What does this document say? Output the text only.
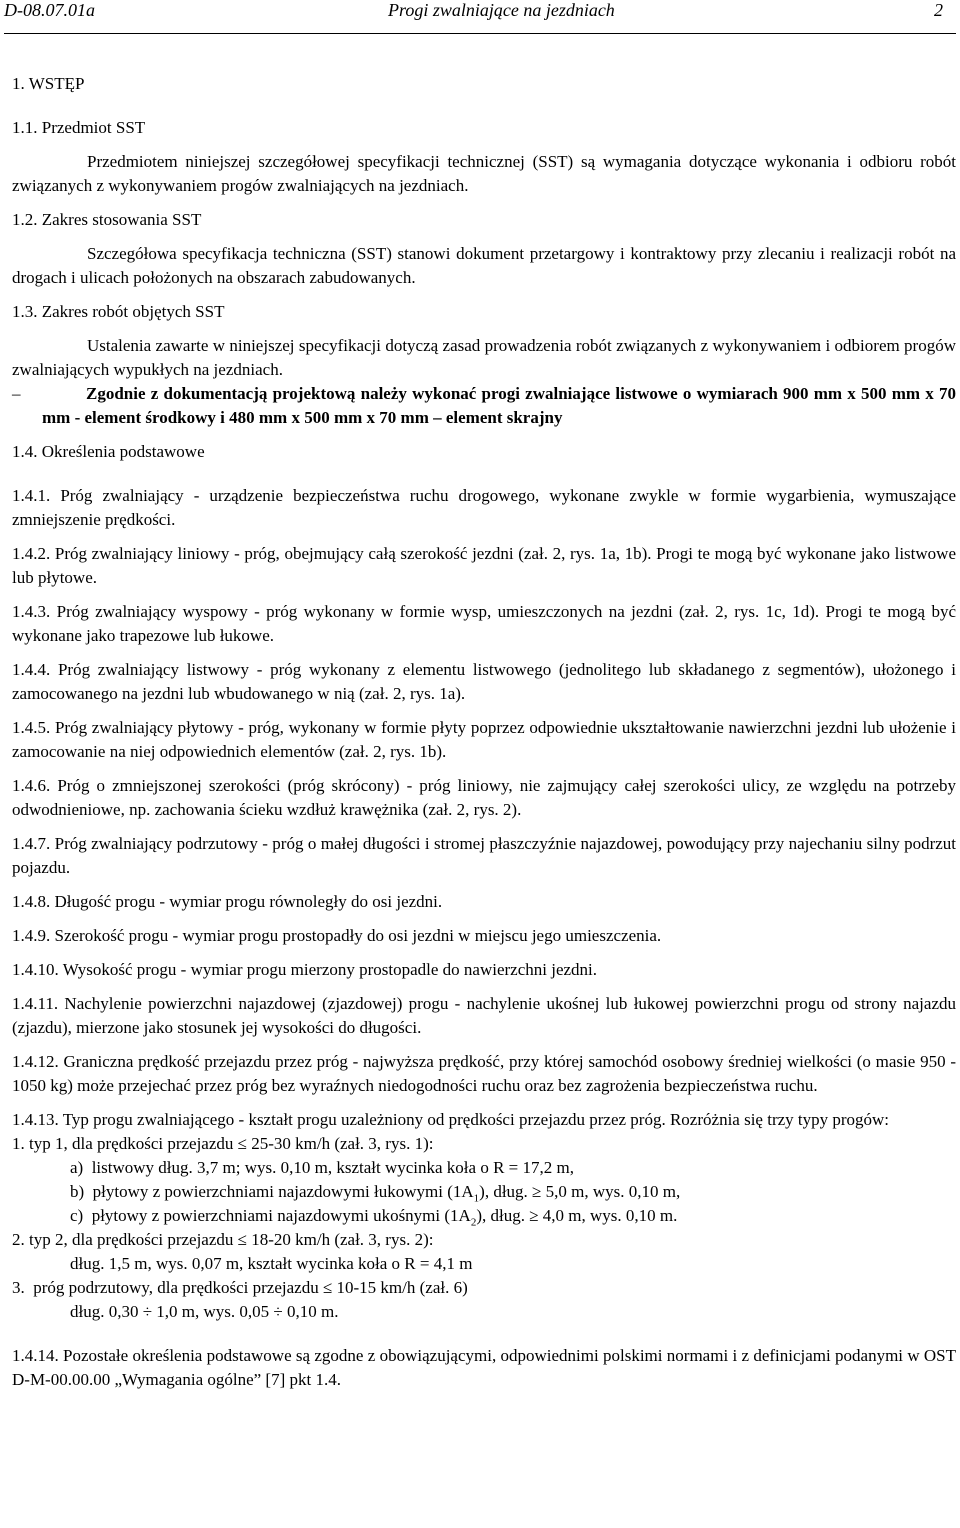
D-08.07.01a	Progi zwalniające na jezdniach	2

1. WSTĘP

1.1. Przedmiot SST

Przedmiotem niniejszej szczegółowej specyfikacji technicznej (SST) są wymagania dotyczące wykonania i odbioru robót związanych z wykonywaniem progów zwalniających na jezdniach.

1.2. Zakres stosowania SST

Szczegółowa specyfikacja techniczna (SST) stanowi dokument przetargowy i kontraktowy przy zlecaniu i realizacji robót na drogach i ulicach położonych na obszarach zabudowanych.

1.3. Zakres robót objętych SST

Ustalenia zawarte w niniejszej specyfikacji dotyczą zasad prowadzenia robót związanych z wykonywaniem i odbiorem progów zwalniających wypukłych na jezdniach.

–	Zgodnie z dokumentacją projektową należy wykonać progi zwalniające listwowe o wymiarach 900 mm x 500 mm x 70 mm - element środkowy i 480 mm x 500 mm x 70 mm – element skrajny

1.4. Określenia podstawowe

1.4.1. Próg zwalniający - urządzenie bezpieczeństwa ruchu drogowego, wykonane zwykle w formie wygarbienia, wymuszające zmniejszenie prędkości.

1.4.2. Próg zwalniający liniowy - próg, obejmujący całą szerokość jezdni (zał. 2, rys. 1a, 1b). Progi te mogą być wykonane jako listwowe lub płytowe.

1.4.3. Próg zwalniający wyspowy - próg wykonany w formie wysp, umieszczonych na jezdni (zał. 2, rys. 1c, 1d). Progi te mogą być wykonane jako trapezowe lub łukowe.

1.4.4. Próg zwalniający listwowy - próg wykonany z elementu listwowego (jednolitego lub składanego z segmentów), ułożonego i zamocowanego na jezdni lub wbudowanego w nią (zał. 2, rys. 1a).

1.4.5. Próg zwalniający płytowy - próg, wykonany w formie płyty poprzez odpowiednie ukształtowanie nawierzchni jezdni lub ułożenie i zamocowanie na niej odpowiednich elementów (zał. 2, rys. 1b).

1.4.6. Próg o zmniejszonej szerokości (próg skrócony) - próg liniowy, nie zajmujący całej szerokości ulicy, ze względu na potrzeby odwodnieniowe, np. zachowania ścieku wzdłuż krawężnika (zał. 2, rys. 2).

1.4.7. Próg zwalniający podrzutowy - próg o małej długości i stromej płaszczyźnie najazdowej, powodujący przy najechaniu silny podrzut pojazdu.

1.4.8. Długość progu - wymiar progu równoległy do osi jezdni.

1.4.9. Szerokość progu - wymiar progu prostopadły do osi jezdni w miejscu jego umieszczenia.

1.4.10. Wysokość progu - wymiar progu mierzony prostopadle do nawierzchni jezdni.

1.4.11. Nachylenie powierzchni najazdowej (zjazdowej) progu - nachylenie ukośnej lub łukowej powierzchni progu od strony najazdu (zjazdu), mierzone jako stosunek jej wysokości do długości.

1.4.12. Graniczna prędkość przejazdu przez próg - najwyższa prędkość, przy której samochód osobowy średniej wielkości (o masie 950 - 1050 kg) może przejechać przez próg bez wyraźnych niedogodności ruchu oraz bez zagrożenia bezpieczeństwa ruchu.

1.4.13. Typ progu zwalniającego - kształt progu uzależniony od prędkości przejazdu przez próg. Rozróżnia się trzy typy progów:

1. typ 1, dla prędkości przejazdu ≤ 25-30 km/h (zał. 3, rys. 1):

a)  listwowy dług. 3,7 m; wys. 0,10 m, kształt wycinka koła o R = 17,2 m,

b)  płytowy z powierzchniami najazdowymi łukowymi $(1A_1)$, dług. ≥ 5,0 m, wys. 0,10 m,

c)  płytowy z powierzchniami najazdowymi ukośnymi $(1A_2)$, dług. ≥ 4,0 m, wys. 0,10 m.

2. typ 2, dla prędkości przejazdu ≤ 18-20 km/h (zał. 3, rys. 2):

dług. 1,5 m, wys. 0,07 m, kształt wycinka koła o R = 4,1 m

3.  próg podrzutowy, dla prędkości przejazdu ≤ 10-15 km/h (zał. 6)

dług. 0,30 ÷ 1,0 m, wys. 0,05 ÷ 0,10 m.

1.4.14. Pozostałe określenia podstawowe są zgodne z obowiązującymi, odpowiednimi polskimi normami i z definicjami podanymi w OST D-M-00.00.00 „Wymagania ogólne” [7] pkt 1.4.
